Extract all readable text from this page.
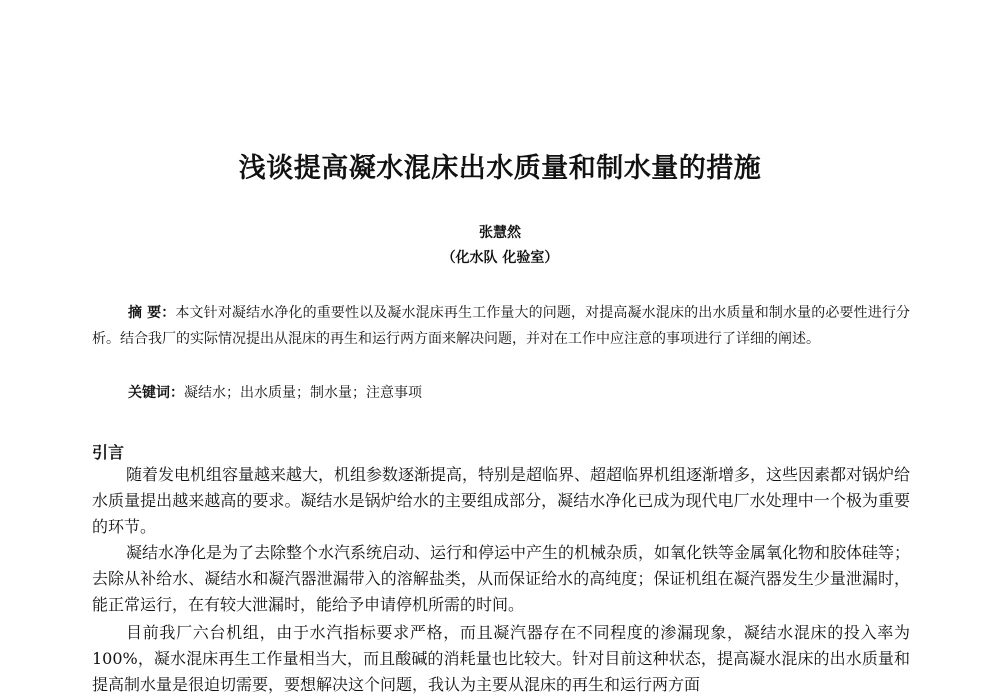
浅谈提高凝水混床出水质量和制水量的措施

张慧然

（化水队 化验室）

摘 要：本文针对凝结水净化的重要性以及凝水混床再生工作量大的问题，对提高凝水混床的出水质量和制水量的必要性进行分析。结合我厂的实际情况提出从混床的再生和运行两方面来解决问题，并对在工作中应注意的事项进行了详细的阐述。

关键词：凝结水；出水质量；制水量；注意事项

引言

随着发电机组容量越来越大，机组参数逐渐提高，特别是超临界、超超临界机组逐渐增多，这些因素都对锅炉给水质量提出越来越高的要求。凝结水是锅炉给水的主要组成部分，凝结水净化已成为现代电厂水处理中一个极为重要的环节。

凝结水净化是为了去除整个水汽系统启动、运行和停运中产生的机械杂质，如氧化铁等金属氧化物和胶体硅等；去除从补给水、凝结水和凝汽器泄漏带入的溶解盐类，从而保证给水的高纯度；保证机组在凝汽器发生少量泄漏时，能正常运行，在有较大泄漏时，能给予申请停机所需的时间。

目前我厂六台机组，由于水汽指标要求严格，而且凝汽器存在不同程度的渗漏现象，凝结水混床的投入率为 100%，凝水混床再生工作量相当大，而且酸碱的消耗量也比较大。针对目前这种状态，提高凝水混床的出水质量和提高制水量是很迫切需要，要想解决这个问题，我认为主要从混床的再生和运行两方面
